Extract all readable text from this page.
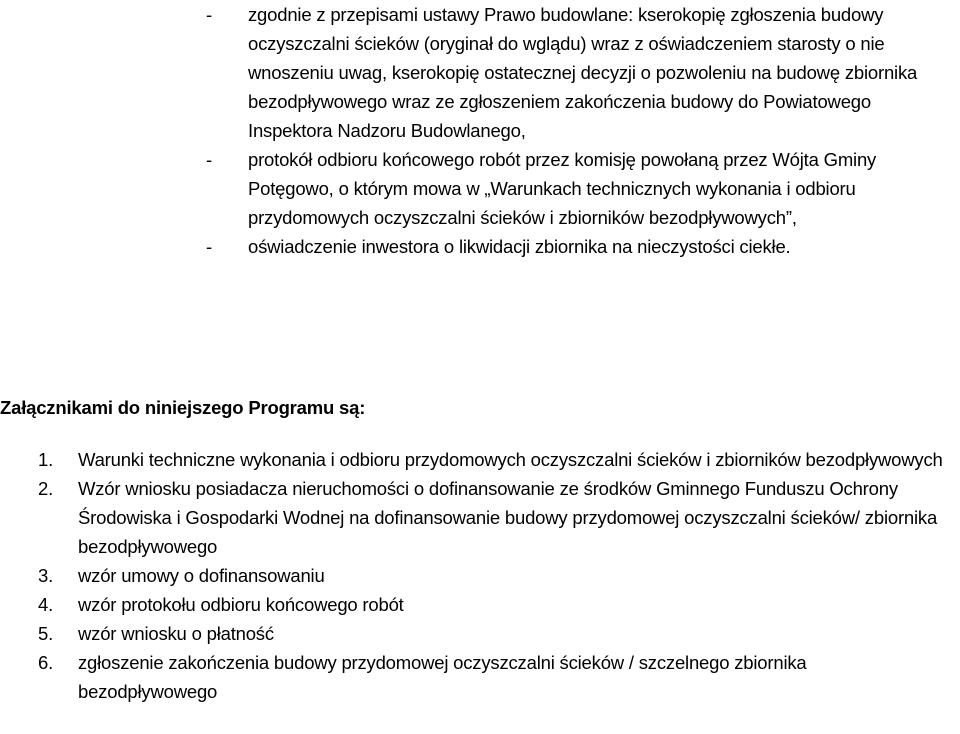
- zgodnie z przepisami ustawy Prawo budowlane: kserokopię zgłoszenia budowy oczyszczalni ścieków (oryginał do wglądu) wraz z oświadczeniem starosty o nie wnoszeniu uwag, kserokopię ostatecznej decyzji o pozwoleniu na budowę zbiornika bezodpływowego wraz ze zgłoszeniem zakończenia budowy do Powiatowego Inspektora Nadzoru Budowlanego,
- protokół odbioru końcowego robót przez komisję powołaną przez Wójta Gminy Potęgowo, o którym mowa w „Warunkach technicznych wykonania i odbioru przydomowych oczyszczalni ścieków i zbiorników bezodpływowych”,
- oświadczenie inwestora o likwidacji zbiornika na nieczystości ciekłe.
Załącznikami do niniejszego Programu są:
1. Warunki techniczne wykonania i odbioru przydomowych oczyszczalni ścieków i zbiorników bezodpływowych
2. Wzór wniosku posiadacza nieruchomości o dofinansowanie ze środków Gminnego Funduszu Ochrony Środowiska i Gospodarki Wodnej na dofinansowanie budowy przydomowej oczyszczalni ścieków/ zbiornika bezodpływowego
3. wzór umowy o dofinansowaniu
4. wzór protokołu odbioru końcowego robót
5. wzór wniosku o płatność
6. zgłoszenie zakończenia budowy przydomowej oczyszczalni ścieków / szczelnego zbiornika bezodpływowego
